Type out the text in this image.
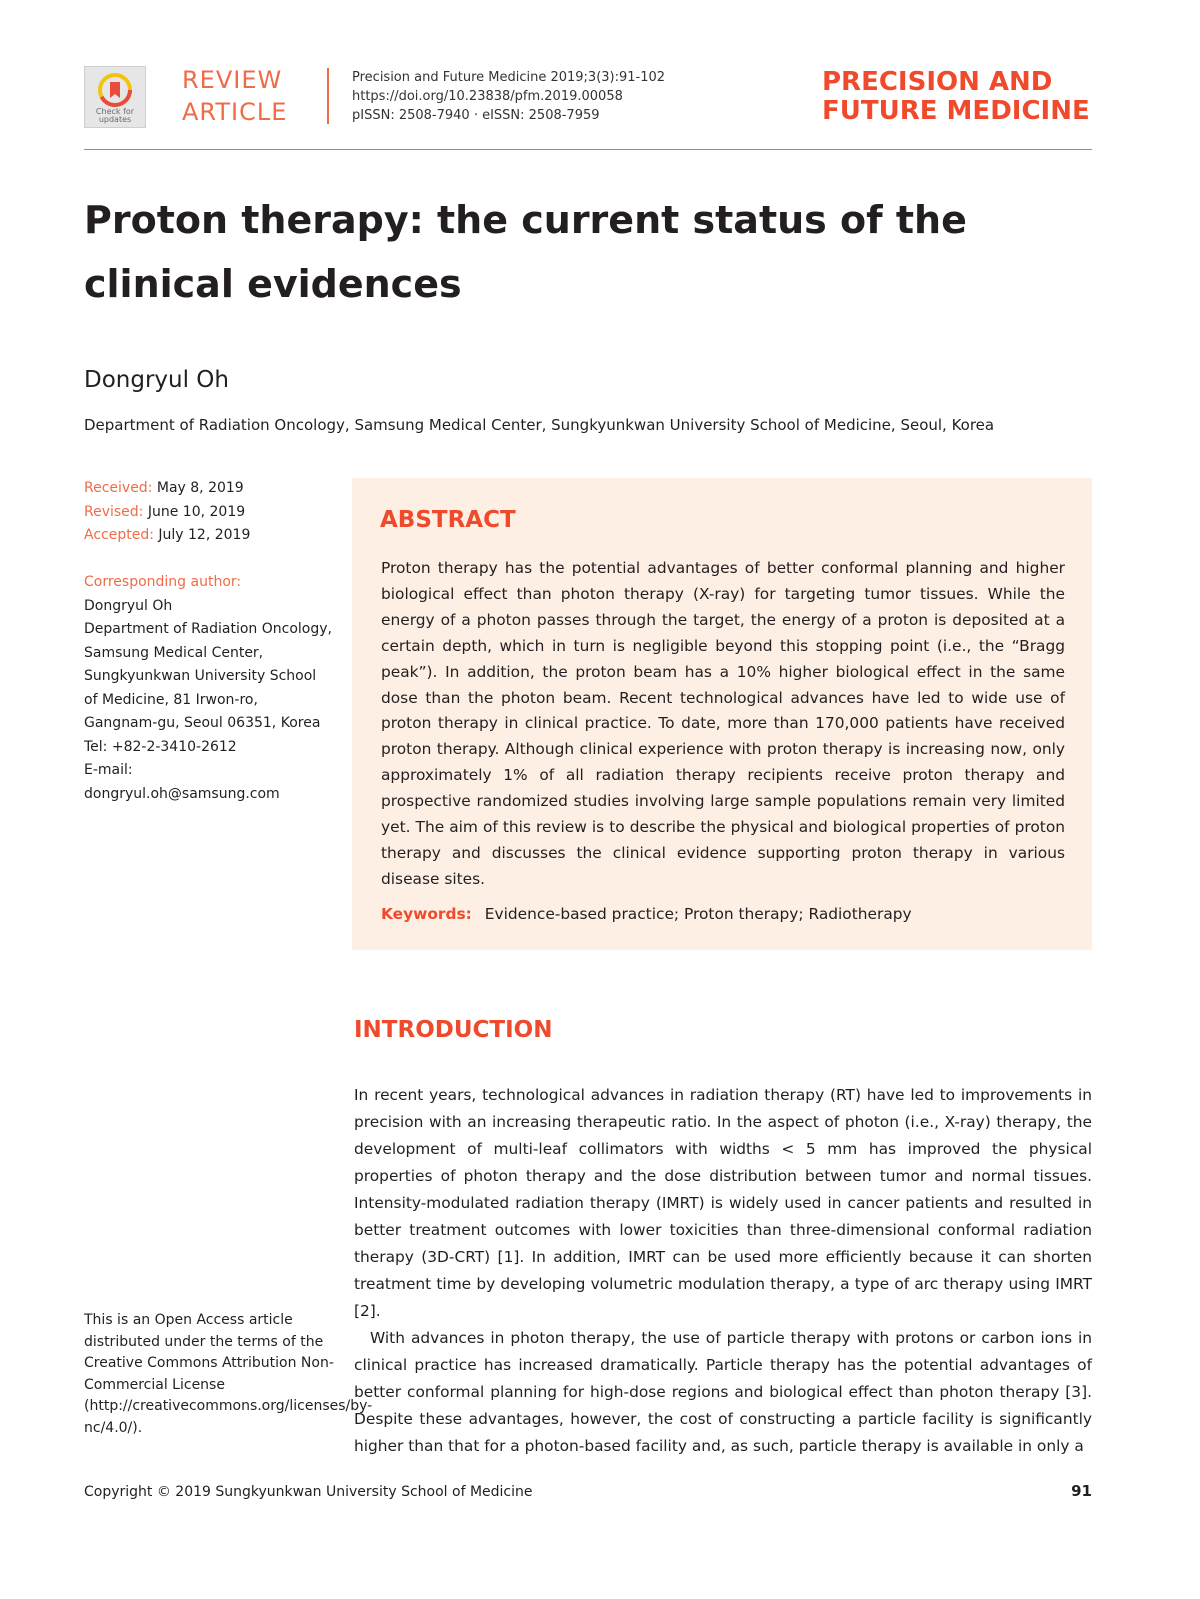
Check for updates
REVIEW
ARTICLE
Precision and Future Medicine 2019;3(3):91-102
https://doi.org/10.23838/pfm.2019.00058
pISSN: 2508-7940 · eISSN: 2508-7959
PRECISION AND
FUTURE MEDICINE
Proton therapy: the current status of the clinical evidences
Dongryul Oh
Department of Radiation Oncology, Samsung Medical Center, Sungkyunkwan University School of Medicine, Seoul, Korea
Received: May 8, 2019
Revised: June 10, 2019
Accepted: July 12, 2019
Corresponding author:
Dongryul Oh
Department of Radiation Oncology, Samsung Medical Center, Sungkyunkwan University School of Medicine, 81 Irwon-ro, Gangnam-gu, Seoul 06351, Korea
Tel: +82-2-3410-2612
E-mail:
dongryul.oh@samsung.com
This is an Open Access article distributed under the terms of the Creative Commons Attribution Non-Commercial License (http://creativecommons.org/licenses/by-nc/4.0/).
ABSTRACT
Proton therapy has the potential advantages of better conformal planning and higher biological effect than photon therapy (X-ray) for targeting tumor tissues. While the energy of a photon passes through the target, the energy of a proton is deposited at a certain depth, which in turn is negligible beyond this stopping point (i.e., the “Bragg peak”). In addition, the proton beam has a 10% higher biological effect in the same dose than the photon beam. Recent technological advances have led to wide use of proton therapy in clinical practice. To date, more than 170,000 patients have received proton therapy. Although clinical experience with proton therapy is increasing now, only approximately 1% of all radiation therapy recipients receive proton therapy and prospective randomized studies involving large sample populations remain very limited yet. The aim of this review is to describe the physical and biological properties of proton therapy and discusses the clinical evidence supporting proton therapy in various disease sites.
Keywords: Evidence-based practice; Proton therapy; Radiotherapy
INTRODUCTION

In recent years, technological advances in radiation therapy (RT) have led to improvements in precision with an increasing therapeutic ratio. In the aspect of photon (i.e., X-ray) therapy, the development of multi-leaf collimators with widths < 5 mm has improved the physical properties of photon therapy and the dose distribution between tumor and normal tissues. Intensity-modulated radiation therapy (IMRT) is widely used in cancer patients and resulted in better treatment outcomes with lower toxicities than three-dimensional conformal radiation therapy (3D-CRT) [1]. In addition, IMRT can be used more efficiently because it can shorten treatment time by developing volumetric modulation therapy, a type of arc therapy using IMRT [2].

With advances in photon therapy, the use of particle therapy with protons or carbon ions in clinical practice has increased dramatically. Particle therapy has the potential advantages of better conformal planning for high-dose regions and biological effect than photon therapy [3]. Despite these advantages, however, the cost of constructing a particle facility is significantly higher than that for a photon-based facility and, as such, particle therapy is available in only a

Copyright © 2019 Sungkyunkwan University School of Medicine	91
